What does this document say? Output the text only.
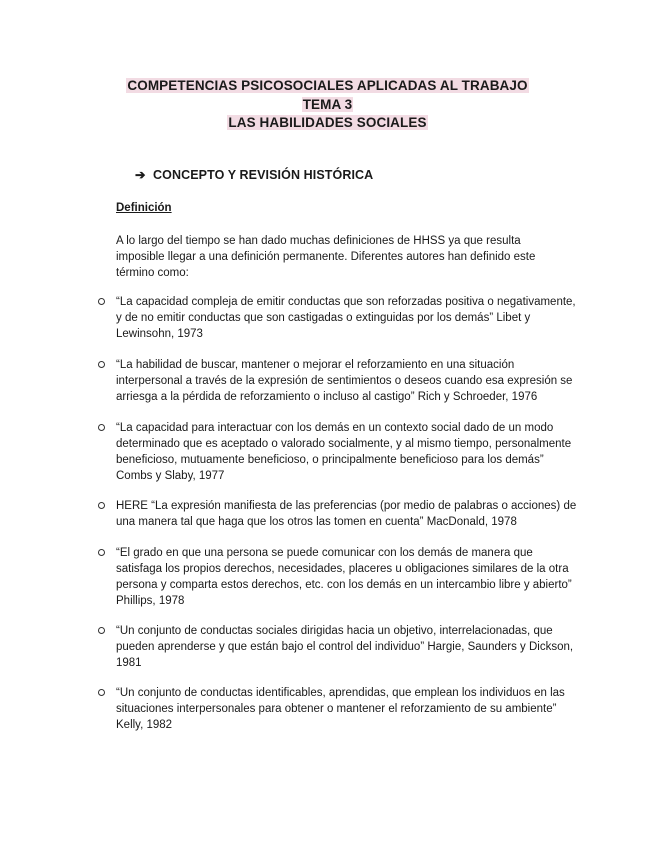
COMPETENCIAS PSICOSOCIALES APLICADAS AL TRABAJO
TEMA 3
LAS HABILIDADES SOCIALES
➔ CONCEPTO Y REVISIÓN HISTÓRICA
Definición

A lo largo del tiempo se han dado muchas definiciones de HHSS ya que resulta imposible llegar a una definición permanente. Diferentes autores han definido este término como:

“La capacidad compleja de emitir conductas que son reforzadas positiva o negativamente, y de no emitir conductas que son castigadas o extinguidas por los demás” Libet y Lewinsohn, 1973
“La habilidad de buscar, mantener o mejorar el reforzamiento en una situación interpersonal a través de la expresión de sentimientos o deseos cuando esa expresión se arriesga a la pérdida de reforzamiento o incluso al castigo” Rich y Schroeder, 1976
“La capacidad para interactuar con los demás en un contexto social dado de un modo determinado que es aceptado o valorado socialmente, y al mismo tiempo, personalmente beneficioso, mutuamente beneficioso, o principalmente beneficioso para los demás” Combs y Slaby, 1977
HERE “La expresión manifiesta de las preferencias (por medio de palabras o acciones) de una manera tal que haga que los otros las tomen en cuenta” MacDonald, 1978
“El grado en que una persona se puede comunicar con los demás de manera que satisfaga los propios derechos, necesidades, placeres u obligaciones similares de la otra persona y comparta estos derechos, etc. con los demás en un intercambio libre y abierto” Phillips, 1978
“Un conjunto de conductas sociales dirigidas hacia un objetivo, interrelacionadas, que pueden aprenderse y que están bajo el control del individuo” Hargie, Saunders y Dickson, 1981
“Un conjunto de conductas identificables, aprendidas, que emplean los individuos en las situaciones interpersonales para obtener o mantener el reforzamiento de su ambiente” Kelly, 1982
